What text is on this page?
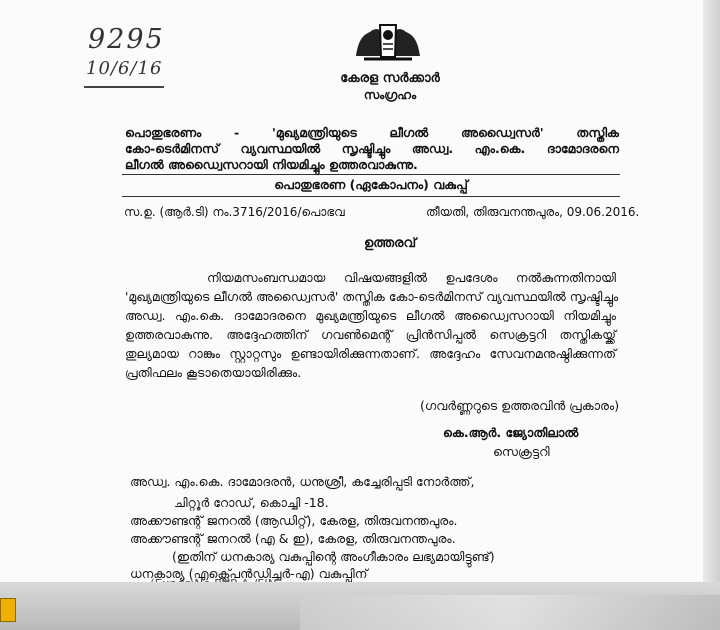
9295
10/6/16	കേരള സർക്കാർ
സംഗ്രഹം
പൊതുഭരണം - 'മുഖ്യമന്ത്രിയുടെ ലീഗൽ അഡ്വൈസർ' തസ്തിക
കോ-ടെർമിനസ് വ്യവസ്ഥയിൽ സൃഷ്ടിച്ചും അഡ്വ. എം.കെ. ദാമോദരനെ
ലീഗൽ അഡ്വൈസറായി നിയമിച്ചും ഉത്തരവാകുന്നു.
പൊതുഭരണ (ഏകോപനം) വകുപ്പ്
സ.ഉ. (ആർ.ടി) നം.3716/2016/പൊഭവ	തീയതി, തിരുവനന്തപുരം, 09.06.2016.
ഉത്തരവ്
നിയമസംബന്ധമായ വിഷയങ്ങളിൽ ഉപദേശം നൽകുന്നതിനായി
'മുഖ്യമന്ത്രിയുടെ ലീഗൽ അഡ്വൈസർ' തസ്തിക കോ-ടെർമിനസ് വ്യവസ്ഥയിൽ സൃഷ്ടിച്ചും
അഡ്വ. എം.കെ. ദാമോദരനെ മുഖ്യമന്ത്രിയുടെ ലീഗൽ അഡ്വൈസറായി നിയമിച്ചും
ഉത്തരവാകുന്നു. അദ്ദേഹത്തിന് ഗവൺമെന്റ് പ്രിൻസിപ്പൽ സെക്രട്ടറി തസ്തികയ്ക്ക്
തുല്യമായ റാങ്കും സ്റ്റാറ്റസും ഉണ്ടായിരിക്കുന്നതാണ്. അദ്ദേഹം സേവനമനുഷ്ഠിക്കുന്നത്
പ്രതിഫലം കൂടാതെയായിരിക്കും.
(ഗവർണ്ണറുടെ ഉത്തരവിൻ പ്രകാരം)
കെ.ആർ. ജ്യോതിലാൽ
സെക്രട്ടറി
അഡ്വ. എം.കെ. ദാമോദരൻ, ധനുശ്രീ, കച്ചേരിപ്പടി നോർത്ത്,
ചിറ്റൂർ റോഡ്, കൊച്ചി -18.
അക്കൗണ്ടന്റ് ജനറൽ (ആഡിറ്റ്), കേരള, തിരുവനന്തപുരം.
അക്കൗണ്ടന്റ് ജനറൽ (എ & ഇ), കേരള, തിരുവനന്തപുരം.
(ഇതിന് ധനകാര്യ വകുപ്പിന്റെ അംഗീകാരം ലഭ്യമായിട്ടുണ്ട്)
ധനകാര്യ (എക്സ്പെൻഡിച്ചർ-എ) വകുപ്പിന്
